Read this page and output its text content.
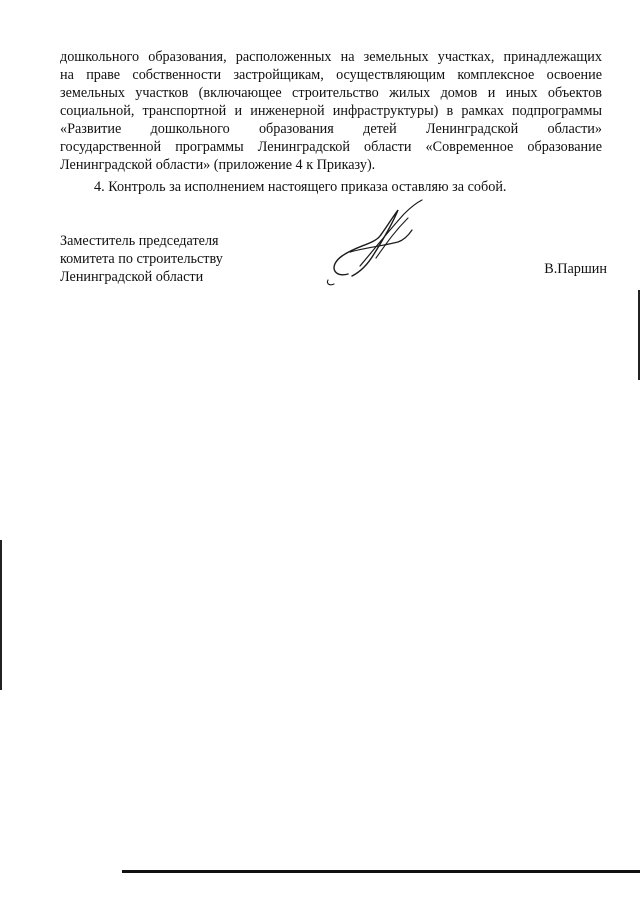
дошкольного образования, расположенных на земельных участках, принадлежащих
на праве собственности застройщикам, осуществляющим комплексное освоение
земельных участков (включающее строительство жилых домов и иных объектов
социальной, транспортной и инженерной инфраструктуры) в рамках подпрограммы
«Развитие дошкольного образования детей Ленинградской области»
государственной программы Ленинградской области «Современное образование
Ленинградской области» (приложение 4 к Приказу).
4. Контроль за исполнением настоящего приказа оставляю за собой.
Заместитель председателя
комитета по строительству
Ленинградской области	В.Паршин
